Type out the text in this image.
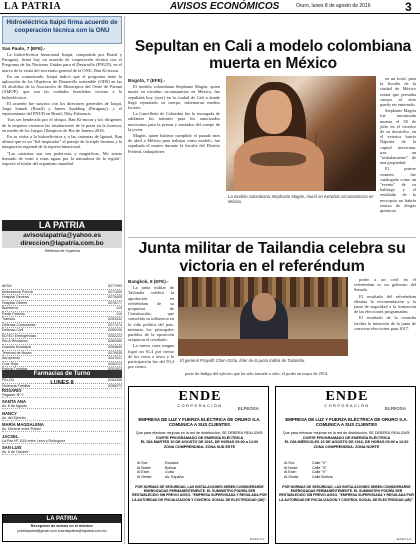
LA PATRIA	AVISOS ECONÓMICOS	Oruro, lunes 8 de agosto de 2016	3
Hidroeléctrica Itaipú firma acuerdo de cooperación técnica con la ONU
Sao Paulo, 7 (EFE).-

La hidroeléctrica binacional Itaipú, compartida por Brasil y Paraguay, firmó hoy un acuerdo de cooperación técnica con el Programa de las Naciones Unidas para el Desarrollo (PNUD), en el marco de la visita del secretario general de la ONU, Ban Ki-moon.

En un comunicado, Itaipú indicó que el programa tiene la aplicación de los Objetivos de Desarrollo sostenible (ODS) en las 54 alcaldías de la Asociación de Municipios del Oeste de Paraná (AMOP), que son las ciudades brasileñas vecinas a la hidroeléctrica.

El acuerdo fue suscrito con los directores generales de Itaipú, Jorge Samek (Brasil) y James Spalding (Paraguay), y el representante del PNUD en Brasil, Niky Fabiancic.

Tras ser bendecida por el obispo, Ban Ki-moon y los dirigentes de la empresa visitaron las instalaciones de la presa en la frontera, en medio de los Juegos Olímpicos de Río de Janeiro 2016.

En su visita a la hidroeléctrica y a las cataratas de Iguazú, Ban afirmó que es un "fiel inspirador" el paisaje de la triple frontera y la integración regional de la represa binacional.

"Las cataratas son tan poderosas y magníficas. Me siento honrado de venir a estas aguas por la naturaleza de la región", expresó el titular del organismo mundial.

LA PATRIA
avisoslapatria@yahoo.es
direccion@lapatria.com.bo
Teléfonos de Urgencia
AESA	5277993
Ambulancia Policía	5271000
Hospital General	5275405
Hospital Obrero	5276177
Bomberos	119
Radio Patrulla	110
Tránsito	5253332
Defensa Consumidor	5277474
Defensa Civil	5250100
ELFEO Emergencias	5252222
SeLA Reclamos	5260060
Guardia Municipal	5254840
Terminal de Buses	5279535
Aeropuerto	5247011
Cruz Roja	5252213
FELCN	5254330
Violencia Familiar	5256373
Farmacias de Turno
LUNES 8
ROSARIO
Pagador Nº 2
SANTA ANA
Av. 6 de Agosto
NANCY
Av. del Ejército
MARÍA MAGDALENA
Av. Dehene entre Potosí
JACSEL
La Paz Nº 1118 entre León y Rodríguez
SAN LUIS
Av. 6 de Octubre
LA PATRIA
Recepción de avisos en el interior:
publilapatria@gmail.com sucr​alapatria@lapatria.com.bo
Sepultan en Cali a modelo colombiana muerta en México
Bogotá, 7 (EFE).-

El modelo colombiana Stephanie Magón, quien murió en extrañas circunstancias en México, fue sepultada hoy (ayer) en la ciudad de Cali a donde llegó repatriado su cuerpo, informaron medios locales.

La Cancillería de Colombia fue la encargada de adelantar los trámites para los autorizados mexicanos para la prensa y traslados del cuerpo de la joven.

Magón, quien hubiera cumplido el pasado mes de abril a México para trabajar como modelo, fue sepultada el martes durante la fiscalía del Distrito Federal, trabajadores

ELIMAGEN
La modelo colombiana Stephanie Magón, murió en extrañas circunstancias en México.

en un local, para la fiscalía de la ciudad de México estará que prestaba cuerpo al sitio puedo ser enterrado.

Stephanie Magón fue encontrada muerta el 30 de julio en el exterior de su domicilio, en el exterior barrio Nápoles de la capital mexicana, tras un "resbalamiento" de una propiedad.

El primer examen fue catalogado como un "evento" de su hallazgo y el resultado de la necropsia no habría rastros de drogas químicas.

Junta militar de Tailandia celebra su victoria en el referéndum
Bangkok, 8 (EFE).-

La junta militar de Tailandia celebró la aprobación en referéndum de su propuesta de Constitución, que consolida su influencia en la vida política del país, mientras los principales partidos de la oposición aceptaron el resultado.

La nueva carta magna logró un 61,4 por ciento de los votos a favor y la participación fue del 59,4 por ciento.

El general Prayuth Chan-Ocha, líder de la junta militar de Tailandia.

porte de Indigo del ejército que ha sido tomado a sitio, el poder en mayo de 2014.

poder a un civil en el referéndum es un gobierno del Senado.

El resultado del referéndum elimina la recomendación y la junta de seguridad a la formación de las elecciones programadas.

El resultado de la consulta facilita la intención de la junta de convocar elecciones para 2017.

ENDE
CORPORACIÓN	ELFEOSA
EMPRESA DE LUZ Y FUERZA ELÉCTRICA DE ORURO S.A. COMUNICA A SUS CLIENTES
Que para efectuar mejoras en la red de distribución, SE DEBERÁ REALIZAR:
CORTE PROGRAMADO DE ENERGÍA ELÉCTRICA
EL DÍA MARTES 10 DE AGOSTO DE 2016, DE HORAS 09:00 a 12:00
ZONA COMPRENDIDA: ZONA SUD ESTE
Al Sur:	Ecuador
Al Norte:	Bolívar
Al Este:	Cuba
Al Oeste:	Av. España
POR NORMAS DE SEGURIDAD, LAS INSTALACIONES DEBEN CONSIDERARSE ENERGIZADAS PERMANENTEMENTE. EL SUMINISTRO PODRÍA SER RESTABLECIDO SIN PREVIO AVISO. "EMPRESA SUPERVISADA Y REGULADA POR LA AUTORIDAD DE FISCALIZACIÓN Y CONTROL SOCIAL DE ELECTRICIDAD (AE)".
ELFEO S.A.
ENDE
CORPORACIÓN	ELFEOSA
EMPRESA DE LUZ Y FUERZA ELÉCTRICA DE ORURO S.A. COMUNICA A SUS CLIENTES
Que para efectuar mejoras en la red de distribución, SE DEBERÁ REALIZAR:
CORTE PROGRAMADO DE ENERGÍA ELÉCTRICA
EL DÍA MIÉRCOLES 10 DE AGOSTO DE 2016, DE HORAS 09:00 a 12:00
ZONA COMPRENDIDA: ZONA NORTE
Al Sur:	Calle "V"
Al Norte:	Calle "G"
Al Este:	Calle "V"
Al Oeste:	Calle Bolívar
POR NORMAS DE SEGURIDAD, LAS INSTALACIONES DEBEN CONSIDERARSE ENERGIZADAS PERMANENTEMENTE. EL SUMINISTRO PODRÍA SER RESTABLECIDO SIN PREVIO AVISO. "EMPRESA SUPERVISADA Y REGULADA POR LA AUTORIDAD DE FISCALIZACIÓN Y CONTROL SOCIAL DE ELECTRICIDAD (AE)".
ELFEO S.A.
